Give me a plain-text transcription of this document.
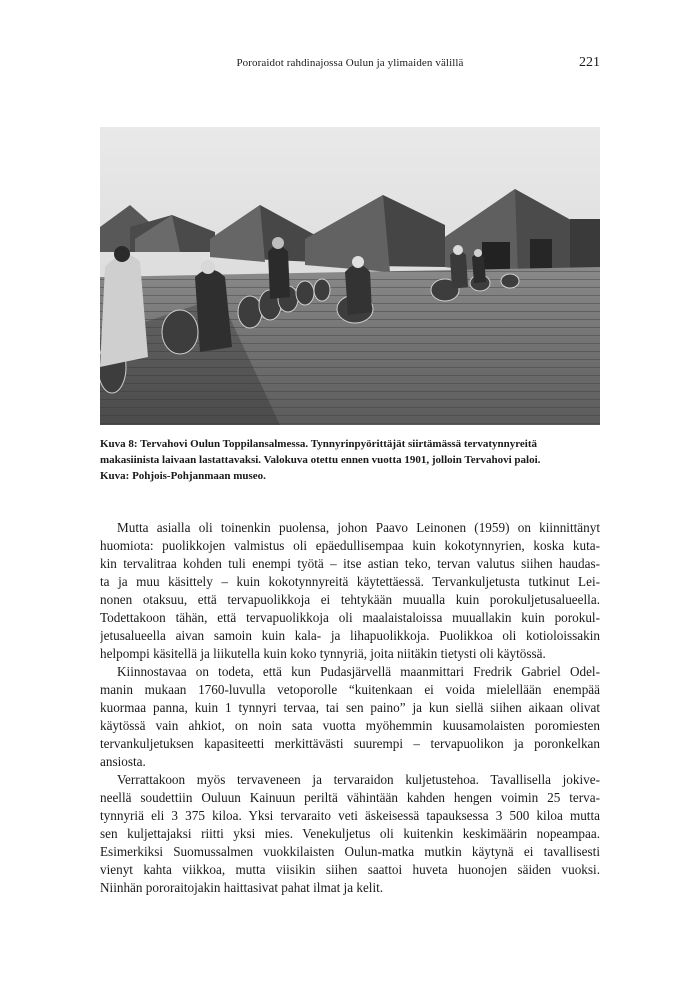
Pororaidot rahdinajossa Oulun ja ylimaiden välillä	221
Kuva 8: Tervahovi Oulun Toppilansalmessa. Tynnyrinpyörittäjät siirtämässä tervatynnyreitä
makasiinista laivaan lastattavaksi. Valokuva otettu ennen vuotta 1901, jolloin Tervahovi paloi.
Kuva: Pohjois-Pohjanmaan museo.
Mutta asialla oli toinenkin puolensa, johon Paavo Leinonen (1959) on kiinnittänyt
huomiota: puolikkojen valmistus oli epäedullisempaa kuin kokotynnyrien, koska kuta-
kin tervalitraa kohden tuli enempi työtä – itse astian teko, tervan valutus siihen haudas-
ta ja muu käsittely – kuin kokotynnyreitä käytettäessä. Tervankuljetusta tutkinut Lei-
nonen otaksuu, että tervapuolikkoja ei tehtykään muualla kuin porokuljetusalueella.
Todettakoon tähän, että tervapuolikkoja oli maalaistaloissa muuallakin kuin porokul-
jetusalueella aivan samoin kuin kala- ja lihapuolikkoja. Puolikkoa oli kotioloissakin
helpompi käsitellä ja liikutella kuin koko tynnyriä, joita niitäkin tietysti oli käytössä.
Kiinnostavaa on todeta, että kun Pudasjärvellä maanmittari Fredrik Gabriel Odel-
manin mukaan 1760-luvulla vetoporolle “kuitenkaan ei voida mielellään enempää
kuormaa panna, kuin 1 tynnyri tervaa, tai sen paino” ja kun siellä siihen aikaan olivat
käytössä vain ahkiot, on noin sata vuotta myöhemmin kuusamolaisten poromiesten
tervankuljetuksen kapasiteetti merkittävästi suurempi – tervapuolikon ja poronkelkan
ansiosta.
Verrattakoon myös tervaveneen ja tervaraidon kuljetustehoa. Tavallisella jokive-
neellä soudettiin Ouluun Kainuun periltä vähintään kahden hengen voimin 25 terva-
tynnyriä eli 3 375 kiloa. Yksi tervaraito veti äskeisessä tapauksessa 3 500 kiloa mutta
sen kuljettajaksi riitti yksi mies. Venekuljetus oli kuitenkin keskimäärin nopeampaa.
Esimerkiksi Suomussalmen vuokkilaisten Oulun-matka mutkin käytynä ei tavallisesti
vienyt kahta viikkoa, mutta viisikin siihen saattoi huveta huonojen säiden vuoksi.
Niinhän pororaitojakin haittasivat pahat ilmat ja kelit.
